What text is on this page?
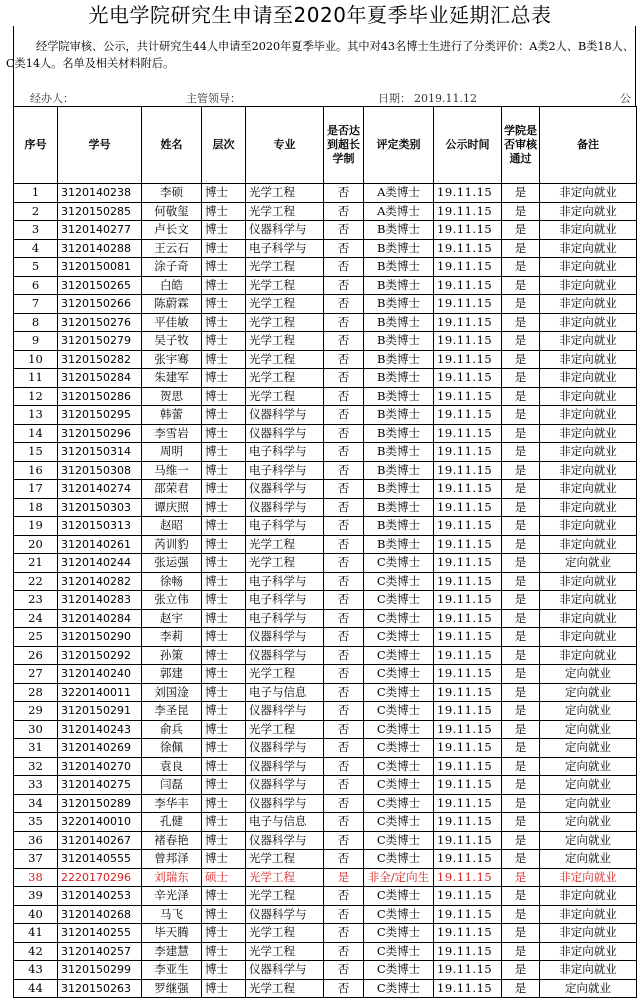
光电学院研究生申请至2020年夏季毕业延期汇总表

经学院审核、公示，共计研究生44人申请至2020年夏季毕业。其中对43名博士生进行了分类评价：A类2人、B类18人、C类14人。名单及相关材料附后。

经办人：	主管领导：	日期： 2019.11.12	公
序号	学号	姓名	层次	专业	是否达到超长学制	评定类别	公示时间	学院是否审核通过	备注
1	3120140238	李硕	博士	光学工程	否	A类博士	19.11.15	是	非定向就业
2	3120150285	何敬玺	博士	光学工程	否	A类博士	19.11.15	是	非定向就业
3	3120140277	卢长文	博士	仪器科学与	否	B类博士	19.11.15	是	非定向就业
4	3120140288	王云石	博士	电子科学与	否	B类博士	19.11.15	是	非定向就业
5	3120150081	涂子奇	博士	光学工程	否	B类博士	19.11.15	是	非定向就业
6	3120150265	白皓	博士	光学工程	否	B类博士	19.11.15	是	非定向就业
7	3120150266	陈蔚霖	博士	光学工程	否	B类博士	19.11.15	是	非定向就业
8	3120150276	平佳敏	博士	光学工程	否	B类博士	19.11.15	是	非定向就业
9	3120150279	吴子牧	博士	光学工程	否	B类博士	19.11.15	是	非定向就业
10	3120150282	张宇骞	博士	光学工程	否	B类博士	19.11.15	是	非定向就业
11	3120150284	朱建军	博士	光学工程	否	B类博士	19.11.15	是	非定向就业
12	3120150286	贺思	博士	光学工程	否	B类博士	19.11.15	是	非定向就业
13	3120150295	韩蕾	博士	仪器科学与	否	B类博士	19.11.15	是	非定向就业
14	3120150296	李雪岩	博士	仪器科学与	否	B类博士	19.11.15	是	非定向就业
15	3120150314	周明	博士	电子科学与	否	B类博士	19.11.15	是	非定向就业
16	3120150308	马维一	博士	电子科学与	否	B类博士	19.11.15	是	非定向就业
17	3120140274	邵荣君	博士	仪器科学与	否	B类博士	19.11.15	是	非定向就业
18	3120150303	谭庆照	博士	仪器科学与	否	B类博士	19.11.15	是	非定向就业
19	3120150313	赵昭	博士	电子科学与	否	B类博士	19.11.15	是	非定向就业
20	3120140261	芮训豹	博士	光学工程	否	B类博士	19.11.15	是	非定向就业
21	3120140244	张运强	博士	光学工程	否	C类博士	19.11.15	是	定向就业
22	3120140282	徐畅	博士	电子科学与	否	C类博士	19.11.15	是	非定向就业
23	3120140283	张立伟	博士	电子科学与	否	C类博士	19.11.15	是	非定向就业
24	3120140284	赵宇	博士	电子科学与	否	C类博士	19.11.15	是	非定向就业
25	3120150290	李莉	博士	仪器科学与	否	C类博士	19.11.15	是	非定向就业
26	3120150292	孙策	博士	仪器科学与	否	C类博士	19.11.15	是	非定向就业
27	3120140240	郭建	博士	光学工程	否	C类博士	19.11.15	是	定向就业
28	3220140011	刘国淦	博士	电子与信息	否	C类博士	19.11.15	是	定向就业
29	3120150291	李圣昆	博士	仪器科学与	否	C类博士	19.11.15	是	定向就业
30	3120140243	俞兵	博士	光学工程	否	C类博士	19.11.15	是	定向就业
31	3120140269	徐佩	博士	仪器科学与	否	C类博士	19.11.15	是	定向就业
32	3120140270	袁良	博士	仪器科学与	否	C类博士	19.11.15	是	定向就业
33	3120140275	闫磊	博士	仪器科学与	否	C类博士	19.11.15	是	定向就业
34	3120150289	李华丰	博士	仪器科学与	否	C类博士	19.11.15	是	定向就业
35	3220140010	孔健	博士	电子与信息	否	C类博士	19.11.15	是	定向就业
36	3120140267	褚春艳	博士	仪器科学与	否	C类博士	19.11.15	是	定向就业
37	3120140555	曾邦泽	博士	光学工程	否	C类博士	19.11.15	是	定向就业
38	2220170296	刘瑞东	硕士	光学工程	是	非全/定向生	19.11.15	是	非定向就业
39	3120140253	辛光泽	博士	光学工程	否	C类博士	19.11.15	是	非定向就业
40	3120140268	马飞	博士	仪器科学与	否	C类博士	19.11.15	是	非定向就业
41	3120140255	毕天腾	博士	光学工程	否	C类博士	19.11.15	是	非定向就业
42	3120140257	李建慧	博士	光学工程	否	C类博士	19.11.15	是	非定向就业
43	3120150299	李亚生	博士	仪器科学与	否	C类博士	19.11.15	是	非定向就业
44	3120150263	罗继强	博士	光学工程	否	C类博士	19.11.15	是	定向就业
